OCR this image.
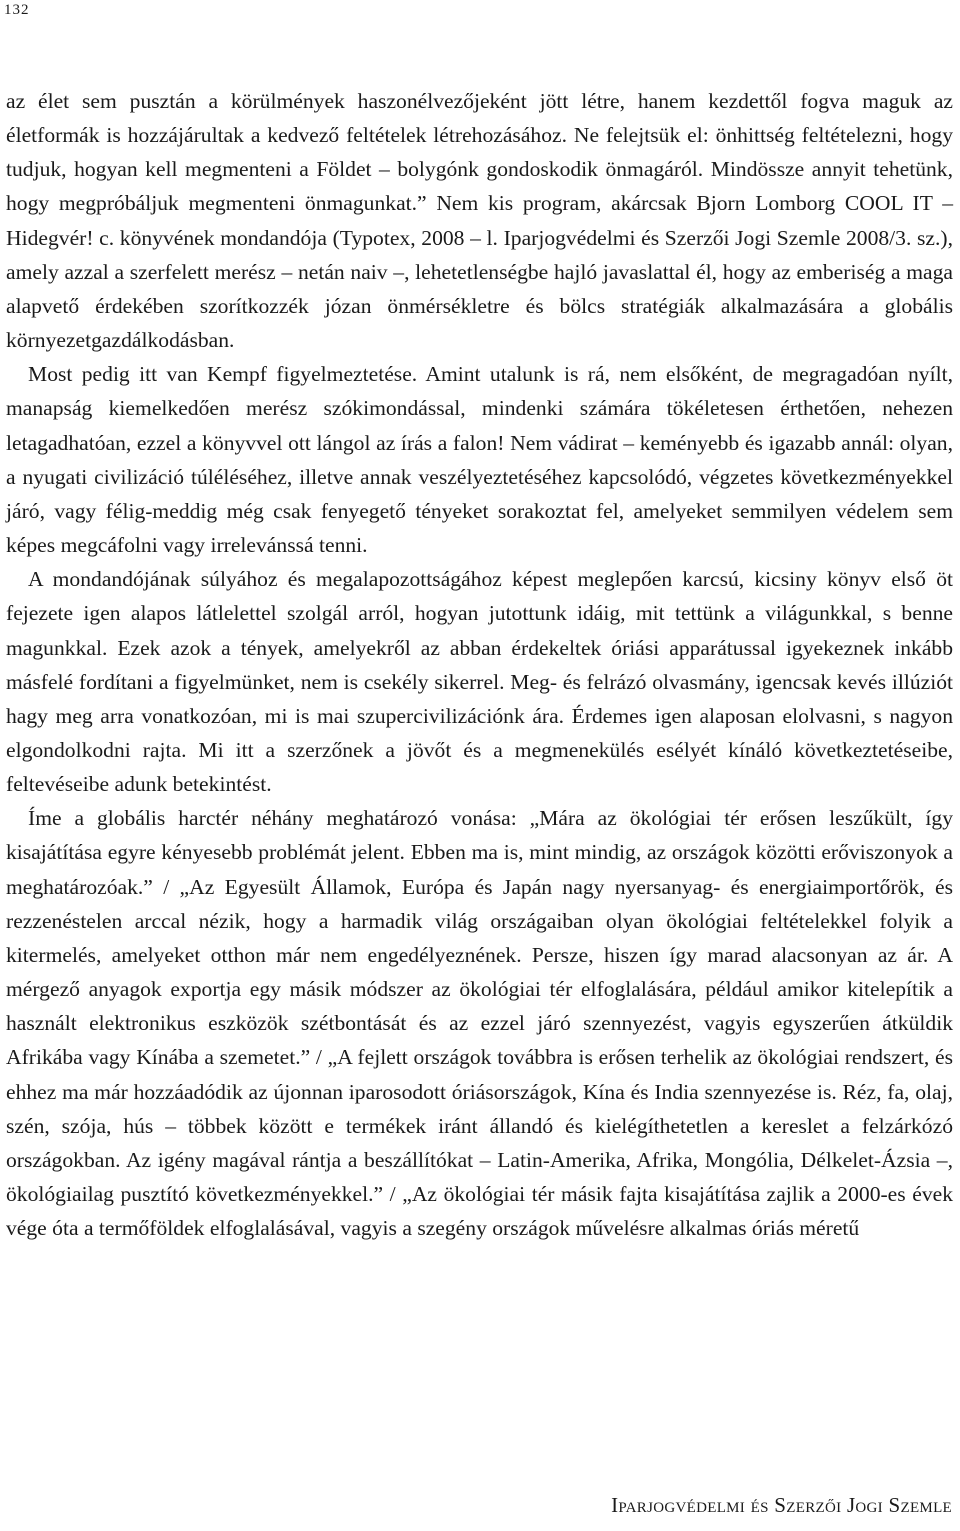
132

az élet sem pusztán a körülmények haszonélvezőjeként jött létre, hanem kezdettől fogva maguk az életformák is hozzájárultak a kedvező feltételek létrehozásához. Ne felejtsük el: önhittség feltételezni, hogy tudjuk, hogyan kell megmenteni a Földet – bolygónk gondoskodik önmagáról. Mindössze annyit tehetünk, hogy megpróbáljuk megmenteni önmagunkat.” Nem kis program, akárcsak Bjorn Lomborg COOL IT – Hidegvér! c. könyvének mondandója (Typotex, 2008 – l. Iparjogvédelmi és Szerzői Jogi Szemle 2008/3. sz.), amely azzal a szerfelett merész – netán naiv –, lehetetlenségbe hajló javaslattal él, hogy az emberiség a maga alapvető érdekében szorítkozzék józan önmérsékletre és bölcs stratégiák alkalmazására a globális környezetgazdálkodásban.

Most pedig itt van Kempf figyelmeztetése. Amint utalunk is rá, nem elsőként, de megragadóan nyílt, manapság kiemelkedően merész szókimondással, mindenki számára tökéletesen érthetően, nehezen letagadhatóan, ezzel a könyvvel ott lángol az írás a falon! Nem vádirat – keményebb és igazabb annál: olyan, a nyugati civilizáció túléléséhez, illetve annak veszélyeztetéséhez kapcsolódó, végzetes következményekkel járó, vagy félig-meddig még csak fenyegető tényeket sorakoztat fel, amelyeket semmilyen védelem sem képes megcáfolni vagy irrelevánssá tenni.

A mondandójának súlyához és megalapozottságához képest meglepően karcsú, kicsiny könyv első öt fejezete igen alapos látlelettel szolgál arról, hogyan jutottunk idáig, mit tettünk a világunkkal, s benne magunkkal. Ezek azok a tények, amelyekről az abban érdekeltek óriási apparátussal igyekeznek inkább másfelé fordítani a figyelmünket, nem is csekély sikerrel. Meg- és felrázó olvasmány, igencsak kevés illúziót hagy meg arra vonatkozóan, mi is mai szupercivilizációnk ára. Érdemes igen alaposan elolvasni, s nagyon elgondolkodni rajta. Mi itt a szerzőnek a jövőt és a megmenekülés esélyét kínáló következtetéseibe, feltevéseibe adunk betekintést.

Íme a globális harctér néhány meghatározó vonása: „Mára az ökológiai tér erősen leszűkült, így kisajátítása egyre kényesebb problémát jelent. Ebben ma is, mint mindig, az országok közötti erőviszonyok a meghatározóak.” / „Az Egyesült Államok, Európa és Japán nagy nyersanyag- és energiaimportőrök, és rezzenéstelen arccal nézik, hogy a harmadik világ országaiban olyan ökológiai feltételekkel folyik a kitermelés, amelyeket otthon már nem engedélyeznének. Persze, hiszen így marad alacsonyan az ár. A mérgező anyagok exportja egy másik módszer az ökológiai tér elfoglalására, például amikor kitelepítik a használt elektronikus eszközök szétbontását és az ezzel járó szennyezést, vagyis egyszerűen átküldik Afrikába vagy Kínába a szemetet.” / „A fejlett országok továbbra is erősen terhelik az ökológiai rendszert, és ehhez ma már hozzáadódik az újonnan iparosodott óriásországok, Kína és India szennyezése is. Réz, fa, olaj, szén, szója, hús – többek között e termékek iránt állandó és kielégíthetetlen a kereslet a felzárkózó országokban. Az igény magával rántja a beszállítókat – Latin-Amerika, Afrika, Mongólia, Délkelet-Ázsia –, ökológiailag pusztító következményekkel.” / „Az ökológiai tér másik fajta kisajátítása zajlik a 2000-es évek vége óta a termőföldek elfoglalásával, vagyis a szegény országok művelésre alkalmas óriás méretű

Iparjogvédelmi és Szerzői Jogi Szemle
